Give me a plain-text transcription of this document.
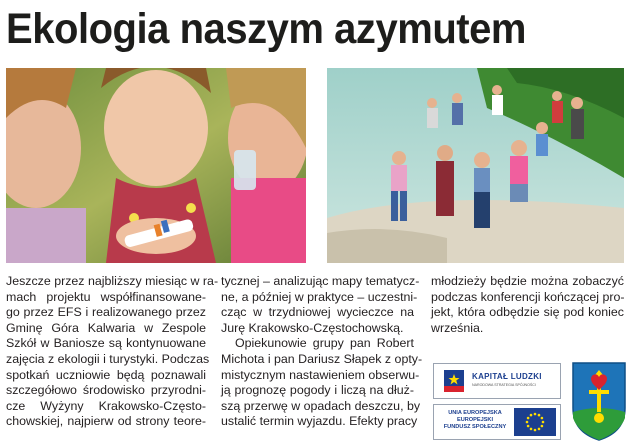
Ekologia naszym azymutem
Jeszcze przez najbliższy miesiąc w ra-
mach projektu współfinansowane-
go przez EFS i realizowanego przez
Gminę Góra Kalwaria w Zespole
Szkół w Baniosze są kontynuowane
zajęcia z ekologii i turystyki. Podczas
spotkań uczniowie będą poznawali
szczegółowo środowisko przyrodni-
cze Wyżyny Krakowsko-Często-
chowskiej, najpierw od strony teore-
tycznej – analizując mapy tematycz-
ne, a później w praktyce – uczestni-
cząc w trzydniowej wycieczce na
Jurę Krakowsko-Częstochowską.
Opiekunowie grupy pan Robert
Michota i pan Dariusz Słapek z opty-
mistycznym nastawieniem obserwu-
ją prognozę pogody i liczą na dłuż-
szą przerwę w opadach deszczu, by
ustalić termin wyjazdu. Efekty pracy
młodzieży będzie można zobaczyć
podczas konferencji kończącej pro-
jekt, która odbędzie się pod koniec
września.
KAPITAŁ LUDZKI
NARODOWA STRATEGIA SPÓJNOŚCI
UNIA EUROPEJSKA
EUROPEJSKI
FUNDUSZ SPOŁECZNY
